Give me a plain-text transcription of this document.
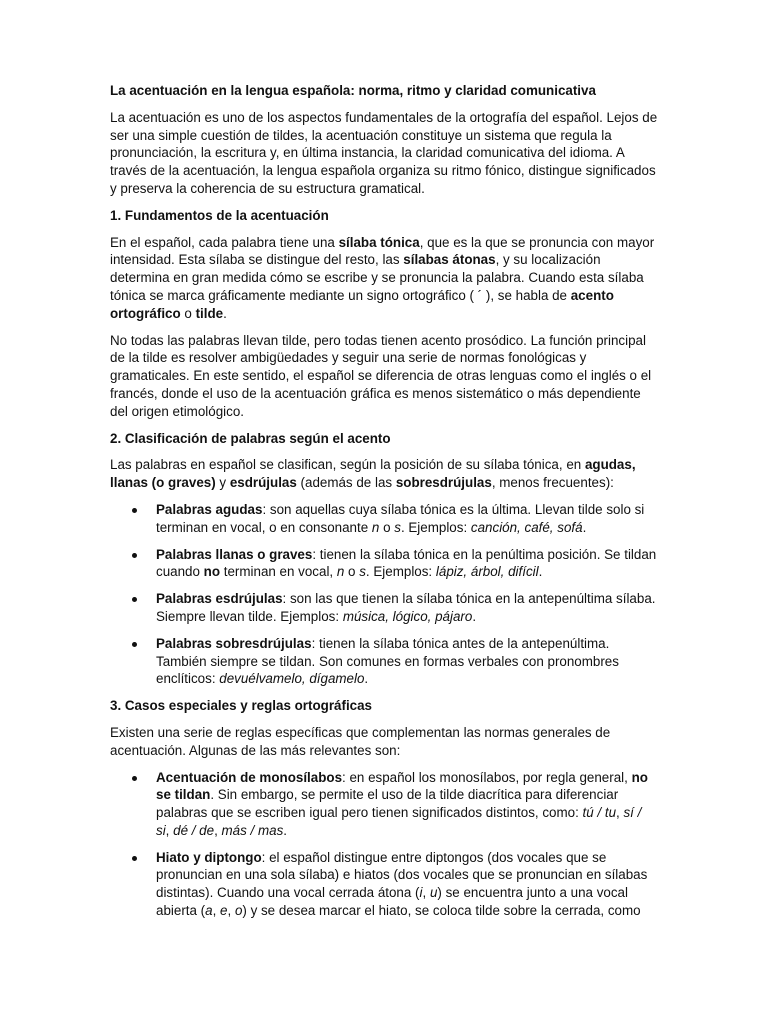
La acentuación en la lengua española: norma, ritmo y claridad comunicativa

La acentuación es uno de los aspectos fundamentales de la ortografía del español. Lejos de ser una simple cuestión de tildes, la acentuación constituye un sistema que regula la pronunciación, la escritura y, en última instancia, la claridad comunicativa del idioma. A través de la acentuación, la lengua española organiza su ritmo fónico, distingue significados y preserva la coherencia de su estructura gramatical.

1. Fundamentos de la acentuación

En el español, cada palabra tiene una sílaba tónica, que es la que se pronuncia con mayor intensidad. Esta sílaba se distingue del resto, las sílabas átonas, y su localización determina en gran medida cómo se escribe y se pronuncia la palabra. Cuando esta sílaba tónica se marca gráficamente mediante un signo ortográfico ( ´ ), se habla de acento ortográfico o tilde.

No todas las palabras llevan tilde, pero todas tienen acento prosódico. La función principal de la tilde es resolver ambigüedades y seguir una serie de normas fonológicas y gramaticales. En este sentido, el español se diferencia de otras lenguas como el inglés o el francés, donde el uso de la acentuación gráfica es menos sistemático o más dependiente del origen etimológico.

2. Clasificación de palabras según el acento

Las palabras en español se clasifican, según la posición de su sílaba tónica, en agudas, llanas (o graves) y esdrújulas (además de las sobresdrújulas, menos frecuentes):

Palabras agudas: son aquellas cuya sílaba tónica es la última. Llevan tilde solo si terminan en vocal, o en consonante n o s. Ejemplos: canción, café, sofá.
Palabras llanas o graves: tienen la sílaba tónica en la penúltima posición. Se tildan cuando no terminan en vocal, n o s. Ejemplos: lápiz, árbol, difícil.
Palabras esdrújulas: son las que tienen la sílaba tónica en la antepenúltima sílaba. Siempre llevan tilde. Ejemplos: música, lógico, pájaro.
Palabras sobresdrújulas: tienen la sílaba tónica antes de la antepenúltima. También siempre se tildan. Son comunes en formas verbales con pronombres enclíticos: devuélvamelo, dígamelo.

3. Casos especiales y reglas ortográficas

Existen una serie de reglas específicas que complementan las normas generales de acentuación. Algunas de las más relevantes son:

Acentuación de monosílabos: en español los monosílabos, por regla general, no se tildan. Sin embargo, se permite el uso de la tilde diacrítica para diferenciar palabras que se escriben igual pero tienen significados distintos, como: tú / tu, sí / si, dé / de, más / mas.
Hiato y diptongo: el español distingue entre diptongos (dos vocales que se pronuncian en una sola sílaba) e hiatos (dos vocales que se pronuncian en sílabas distintas). Cuando una vocal cerrada átona (i, u) se encuentra junto a una vocal abierta (a, e, o) y se desea marcar el hiato, se coloca tilde sobre la cerrada, como
